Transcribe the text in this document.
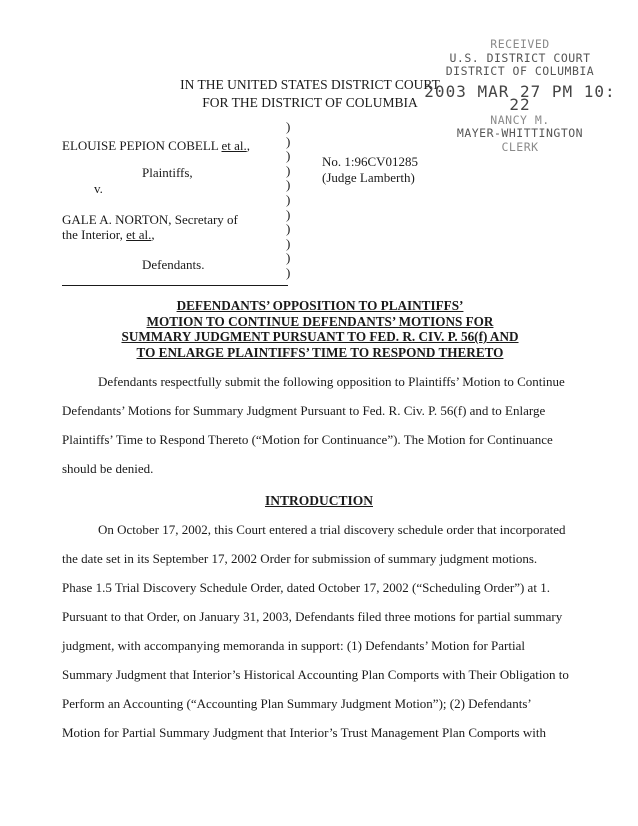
IN THE UNITED STATES DISTRICT COURT
FOR THE DISTRICT OF COLUMBIA
RECEIVED
U.S. DISTRICT COURT
DISTRICT OF COLUMBIA
2003 MAR 27 PM 10: 22
NANCY M.
MAYER-WHITTINGTON
CLERK
ELOUISE PEPION COBELL et al.,
Plaintiffs,
v.
GALE A. NORTON, Secretary of
the Interior, et al.,
Defendants.
)
)
)
)
)
)
)
)
)
)
)
No. 1:96CV01285
(Judge Lamberth)
DEFENDANTS’ OPPOSITION TO PLAINTIFFS’
MOTION TO CONTINUE DEFENDANTS’ MOTIONS FOR
SUMMARY JUDGMENT PURSUANT TO FED. R. CIV. P. 56(f) AND
TO ENLARGE PLAINTIFFS’ TIME TO RESPOND THERETO
Defendants respectfully submit the following opposition to Plaintiffs’ Motion to Continue
Defendants’ Motions for Summary Judgment Pursuant to Fed. R. Civ. P. 56(f) and to Enlarge
Plaintiffs’ Time to Respond Thereto (“Motion for Continuance”). The Motion for Continuance
should be denied.
INTRODUCTION
On October 17, 2002, this Court entered a trial discovery schedule order that incorporated
the date set in its September 17, 2002 Order for submission of summary judgment motions.
Phase 1.5 Trial Discovery Schedule Order, dated October 17, 2002 (“Scheduling Order”) at 1.
Pursuant to that Order, on January 31, 2003, Defendants filed three motions for partial summary
judgment, with accompanying memoranda in support: (1) Defendants’ Motion for Partial
Summary Judgment that Interior’s Historical Accounting Plan Comports with Their Obligation to
Perform an Accounting (“Accounting Plan Summary Judgment Motion”); (2) Defendants’
Motion for Partial Summary Judgment that Interior’s Trust Management Plan Comports with
